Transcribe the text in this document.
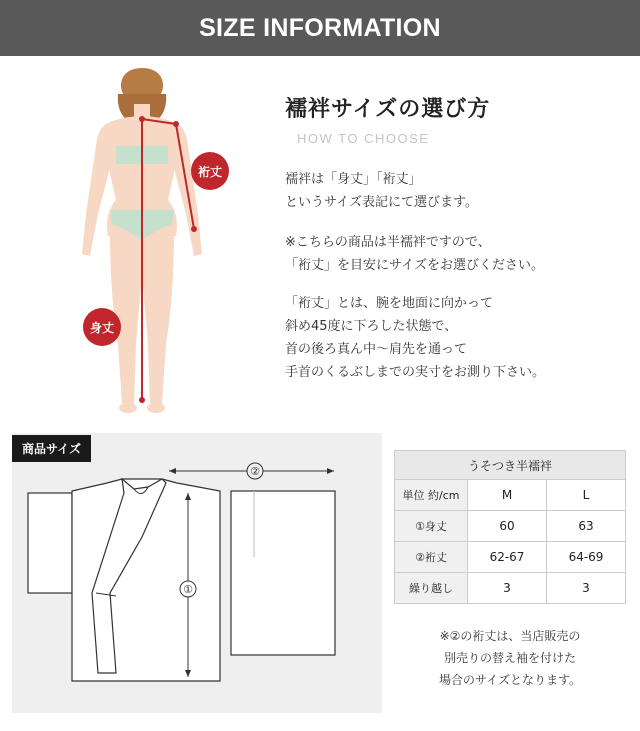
SIZE INFORMATION
裄丈
身丈
襦袢サイズの選び方
HOW TO CHOOSE
襦袢は「身丈」「裄丈」
というサイズ表記にて選びます。
※こちらの商品は半襦袢ですので、
「裄丈」を目安にサイズをお選びください。
「裄丈」とは、腕を地面に向かって
斜め45度に下ろした状態で、
首の後ろ真ん中〜肩先を通って
手首のくるぶしまでの実寸をお測り下さい。
②
①
商品サイズ
うそつき半襦袢		
単位 約/cm	M	L
①身丈	60	63
②裄丈	62-67	64-69
繰り越し	3	3
※②の裄丈は、当店販売の
別売りの替え袖を付けた
場合のサイズとなります。
